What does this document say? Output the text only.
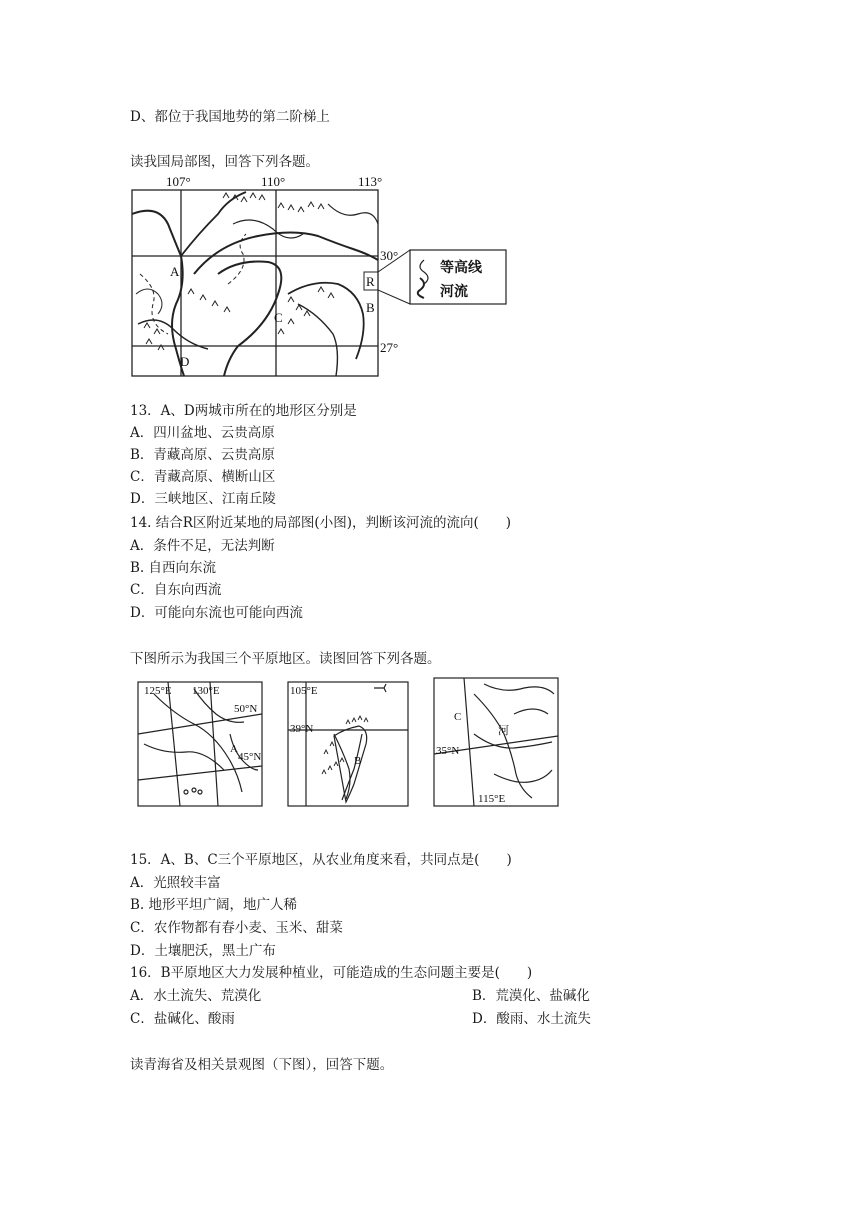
D、都位于我国地势的第二阶梯上
读我国局部图，回答下列各题。
107°	110°	113°
30°
27°
A
B
C
D
R
等高线
河流
13．A、D两城市所在的地形区分别是
A．四川盆地、云贵高原
B．青藏高原、云贵高原
C．青藏高原、横断山区
D．三峡地区、江南丘陵
14. 结合R区附近某地的局部图(小图)，判断该河流的流向(　　)
A．条件不足，无法判断
B. 自西向东流
C．自东向西流
D．可能向东流也可能向西流
下图所示为我国三个平原地区。读图回答下列各题。
125°E 130°E
50°N
45°N
A
105°E
39°N
B
C
河
35°N
115°E
15．A、B、C三个平原地区，从农业角度来看，共同点是(　　)
A．光照较丰富
B. 地形平坦广阔，地广人稀
C．农作物都有春小麦、玉米、甜菜
D．土壤肥沃，黑土广布
16．B平原地区大力发展种植业，可能造成的生态问题主要是(　　)
A．水土流失、荒漠化	B．荒漠化、盐碱化
C．盐碱化、酸雨	D．酸雨、水土流失
读青海省及相关景观图（下图），回答下题。
